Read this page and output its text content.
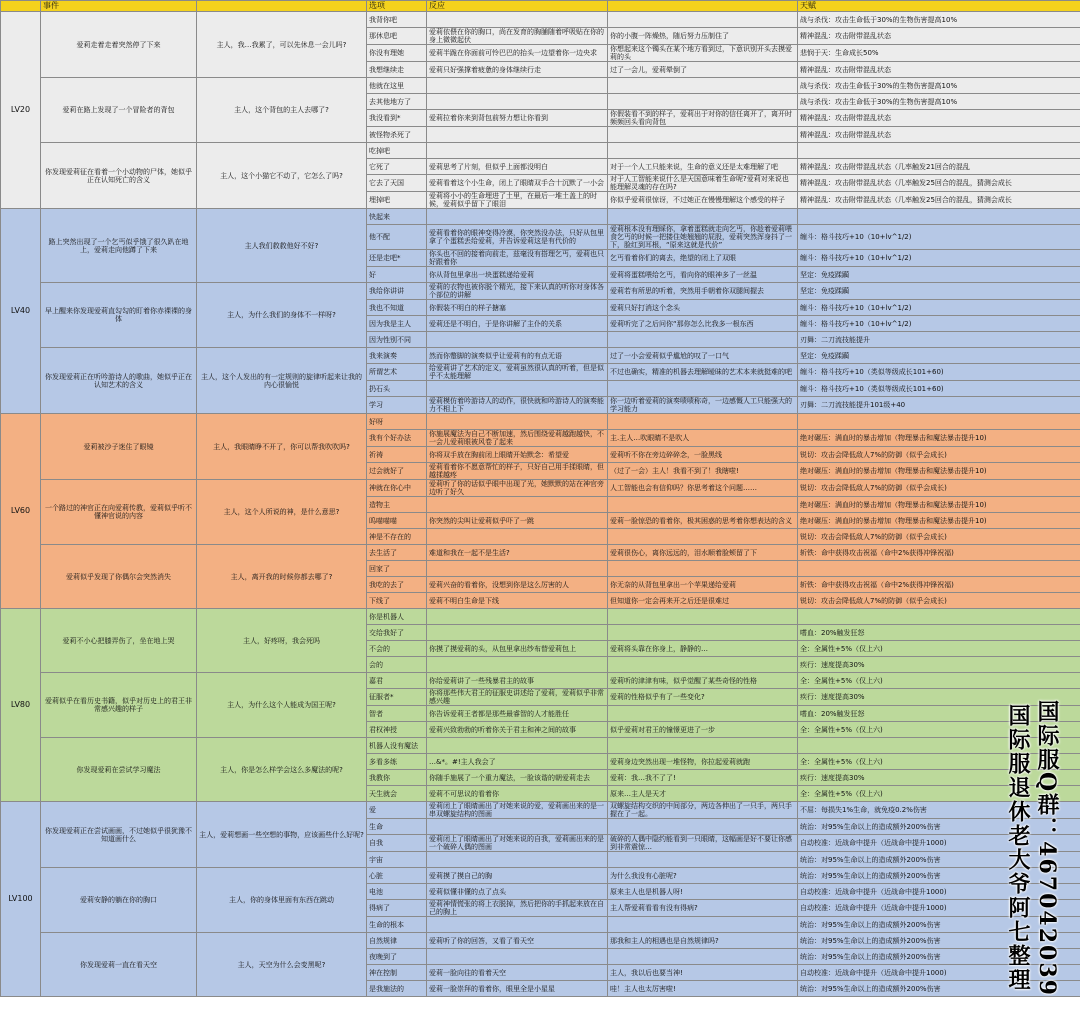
	事件		选项	反应		天赋
LV20	爱莉走着走着突然停了下来	主人，我…我累了，可以先休息一会儿吗?	我背你吧			战与杀伐：攻击生命低于30%的生物伤害提高10%

			那休息吧	爱莉依偎在你的胸口，尚在发育的胸脯随着呼吸贴在你的身上微微起伏	你的小腹一阵燥热，随后努力压制住了	精神混乱：攻击附带混乱状态

			你没有理她	爱莉半跪在你面前可怜巴巴的抬头一边望着你一边央求	你想起来这个镯头在某个地方看到过，下意识别开头去摸爱莉的头	悲悯于天：生命成长50%

			我想继续走	爱莉只好强撑着疲惫的身体继续行走	过了一会儿，爱莉晕倒了	精神混乱：攻击附带混乱状态

	爱莉在路上发现了一个冒险者的背包	主人，这个背包的主人去哪了?	他就在这里			战与杀伐：攻击生命低于30%的生物伤害提高10%

			去其他地方了			战与杀伐：攻击生命低于30%的生物伤害提高10%

			我没看到*	爱莉拉着你来到背包前努力想让你看到	你假装看不到的样子，爱莉出于对你的信任离开了，离开时频频回头看向背包	精神混乱：攻击附带混乱状态

			被怪物杀死了			精神混乱：攻击附带混乱状态

	你发现爱莉征在看着一个小动物的尸体，她似乎正在认知死亡的含义	主人，这个小猫它不动了，它怎么了吗?	吃掉吧			

			它死了	爱莉思考了片刻，但似乎上面都没明白	对于一个人工只能来说，生命的意义还是太难理解了吧	精神混乱：攻击附带混乱状态（几率触发21回合的混乱

			它去了天国	爱莉看着这个小生命，闭上了眼睛双手合十沉默了一小会	对于人工智能来说什么是天国意味着生命呢?爱莉对来说也能理解灵魂的存在吗?	精神混乱：攻击附带混乱状态（几率触发25回合的混乱，猜测会成长

			埋掉吧	爱莉将小小的生命埋进了土里，在最后一堆土盖上的时候，爱莉似乎留下了眼泪	你似乎爱莉很惊讶，不过她正在慢慢理解这个感受的样子	精神混乱：攻击附带混乱状态（几率触发25回合的混乱，猜测会成长

LV40	路上突然出现了一个乞丐似乎饿了很久趴在地上，爱莉走向他蹲了下来	主人我们救救他好不好?	快起来			

			他不配	爱莉看着你的眼神变得冷漠，你突然没办法，只好从包里拿了个蛋糕丢给爱莉，并告诉爱莉这是有代价的	爱莉根本没有理睬你，拿着蛋糕就走向乞丐，你趁着爱莉喂食乞丐的时候一把搂住她翘翘的屁股，爱莉突然浑身抖了一下，脸红到耳根，“原来这就是代价”	缠斗：格斗技巧+10（10+lv^1/2)

			还是走吧*	你头也不回的接着向前走，兹毫没有搭理乞丐，爱莉也只好跟着你	乞丐看着你们的离去，绝望的闭上了双眼	缠斗：格斗技巧+10（10+lv^1/2)

			好	你从背包里拿出一块蛋糕递给爱莉	爱莉将蛋糕喂给乞丐，看向你的眼神多了一丝温	坚定：免疫蹂躏

	早上醒来你发现爱莉直勾勾的盯着你赤裸裸的身体	主人，为什么我们的身体不一样呀?	我给你讲讲	爱莉的衣物也被你脱个精光，接下来认真的听你对身体各个部位的讲解	爱莉若有所思的听着，突然用手朝着你双腿间握去	坚定：免疫蹂躏

			我也不知道	你假装不明白的样子搪塞	爱莉只好打消这个念头	缠斗：格斗技巧+10（10+lv^1/2)

			因为我是主人	爱莉还是不明白，于是你讲解了主仆的关系	爱莉听完了之后问你“那你怎么比我多一根东西	缠斗：格斗技巧+10（10+lv^1/2)

			因为性别不同			刃舞：二刀流技能提升

	你发现爱莉正在听吟游诗人的歌曲，她似乎正在认知艺术的含义	主人，这个人发出的有一定规则的旋律听起来让我的内心很愉悦	我来演奏	然而你蹩脚的演奏似乎让爱莉有的有点无语	过了一小会爱莉似乎尴尬的叹了一口气	坚定：免疫蹂躏

			所谓艺术	给爱莉讲了艺术的定义，爱莉虽然很认真的听着，但是似乎不太能理解	不过也确实，精准的机器去理解暧昧的艺术本来就挺难的吧	缠斗：格斗技巧+10（类似等级成长101+60)

			扔石头			缠斗：格斗技巧+10（类似等级成长101+60)

			学习	爱莉模仿着吟游诗人的动作，很快就和吟游诗人的演奏能力不相上下	你一边听着爱莉的演奏啧啧称奇，一边感慨人工只能强大的学习能力	刃舞：二刀流技能提升101级+40

LV60	爱莉被沙子迷住了眼镜	主人，我眼睛睁不开了，你可以帮我吹吹吗?	好呀			

			我有个好办法	你施展魔法为自己不断加速，然后围绕爱莉越跑越快，不一会儿爱莉眼被风卷了起来	主.主人…吹眼睛不是吹人	绝对碾压：满血时的暴击增加（物理暴击和魔法暴击提升10)

			祈祷	你将双手放在胸前闭上眼睛开始默念：希望爱	爱莉听不你在旁边碎碎念，一脸黑线	锐切：攻击会降低敌人7%的防御（似乎会成长)

			过会就好了	爱莉看着你不愿意帮忙的样子，只好自己用手揉眼睛，但越揉越疼	（过了一会）主人！我看不到了！我瞎啦!	绝对碾压：满血时的暴击增加（物理暴击和魔法暴击提升10)

	一个路过的神官正在向爱莉传教，爱莉似乎听不懂神官说的内容	主人，这个人所说的神，是什么意思?	神就在你心中	爱莉听了你的话似乎眼中出现了光，她默默的站在神官旁边听了好久	人工智能也会有信仰吗？你思考着这个问题……	锐切：攻击会降低敌人7%的防御（似乎会成长)

			造物主			绝对碾压：满血时的暴击增加（物理暴击和魔法暴击提升10)

			呜喵喵喵	你突然的尖叫让爱莉似乎吓了一跳	爱莉一脸惊恐的看着你，极其困惑的思考着你想表达的含义	绝对碾压：满血时的暴击增加（物理暴击和魔法暴击提升10)

			神是不存在的			锐切：攻击会降低敌人7%的防御（似乎会成长)

	爱莉似乎发现了你偶尔会突然消失	主人，离开我的时候你都去哪了?	去生活了	难道和我在一起不是生活?	爱莉很伤心，离你远远的，泪水顺着脸颊留了下	斩铁：命中获得攻击祝福（命中2%获得冲锋祝福)

			回家了			

			我吃的去了	爱莉兴奋的看着你，没想到你是这么厉害的人	你无奈的从背包里拿出一个苹果递给爱莉	斩铁：命中获得攻击祝福（命中2%获得冲锋祝福)

			下线了	爱莉不明白生命是下线	但知道你一定会再来开之后还是很难过	锐切：攻击会降低敌人7%的防御（似乎会成长)

LV80	爱莉不小心把膝弄伤了，坐在地上哭	主人，好疼呀，我会死吗	你是机器人			

			交给我好了			嗜血：20%触发狂怒

			不会的	你摸了摸爱莉的头，从包里拿出纱布替爱莉包上	爱莉将头靠在你身上，静静的…	全：全属性+5%（仅上六)

			会的			疾行：速度提高30%

	爱莉似乎在看历史书籍，似乎对历史上的君王非常感兴趣的样子	主人，为什么这个人能成为国王呢?	嘉君	你给爱莉讲了一些残暴君主的故事	爱莉听的津津有味，似乎觉醒了某些奇怪的性格	全：全属性+5%（仅上六)

			征服者*	你将那些伟大君王的征服史讲述给了爱莉，爱莉似乎非常感兴趣	爱莉的性格似乎有了一些变化?	疾行：速度提高30%

			智者	你告诉爱莉王者都是那些最睿智的人才能胜任		嗜血：20%触发狂怒

			君权神授	爱莉兴致勃勃的听着你关于君主和神之间的故事	似乎爱莉对君王的憧憬更进了一步	全：全属性+5%（仅上六)

	你发现爱莉在尝试学习魔法	主人，你是怎么样学会这么多魔法的呢?	机器人没有魔法			

			多看多练	…&*。#!主人我会了	爱莉身边突然出现一堆怪物，你拉起爱莉就跑	全：全属性+5%（仅上六)

			我教你	你随手施展了一个重力魔法，一脸该谐的朝爱莉走去	爱莉：我…我不了了!	疾行：速度提高30%

			天生就会	爱莉不可思议的看着你	原来…主人是天才	全：全属性+5%（仅上六)

LV100	你发现爱莉正在尝试画画，不过她似乎很犹豫不知道画什么	主人，爱莉想画一些空想的事物，应该画些什么好呢?	爱	爱莉闭上了眼睛画出了对她来说的爱，爱莉画出来的是一串双螺旋结构的图画	双螺旋结构交织的中间部分，两边各伸出了一只手，两只手握在了一起。	不屈：每损失1%生命，就免疫0.2%伤害

			生命			统治：对95%生命以上的造成额外200%伤害

			自我	爱莉闭上了眼睛画出了对她来说的自我，爱莉画出来的是一个破碎人偶的图画	破碎的人偶中隐约能看到一只眼睛，这幅画是好不要让你感到非常震惊…	自动校准：近战命中提升（近战命中提升1000)

			宇宙			统治：对95%生命以上的造成额外200%伤害

	爱莉安静的躺在你的胸口	主人，你的身体里面有东西在跳动	心脏	爱莉摸了摸自己的胸	为什么我没有心脏呢?	统治：对95%生命以上的造成额外200%伤害

			电池	爱莉似懂非懂的点了点头	原来主人也是机器人呀!	自动校准：近战命中提升（近战命中提升1000)

			得病了	爱莉神情慌张的将上衣脱掉，然后把你的手抓起来放在自己的胸上	主人帮爱莉看看有没有得病?	自动校准：近战命中提升（近战命中提升1000)

			生命的根本			统治：对95%生命以上的造成额外200%伤害

	你发现爱莉一直在看天空	主人，天空为什么会变黑呢?	自然规律	爱莉听了你的回答，又看了看天空	那我和主人的相遇也是自然规律吗?	统治：对95%生命以上的造成额外200%伤害

			夜晚到了			统治：对95%生命以上的造成额外200%伤害

			神在控制	爱莉一脸向往的看着天空	主人，我以后也要当神!	自动校准：近战命中提升（近战命中提升1000)

			是我施法的	爱莉一脸崇拜的看着你，眼里全是小星星	哇！主人也太厉害啦!	统治：对95%生命以上的造成额外200%伤害	国际服Q群：467042039
国际服退休老大爷阿七整理
